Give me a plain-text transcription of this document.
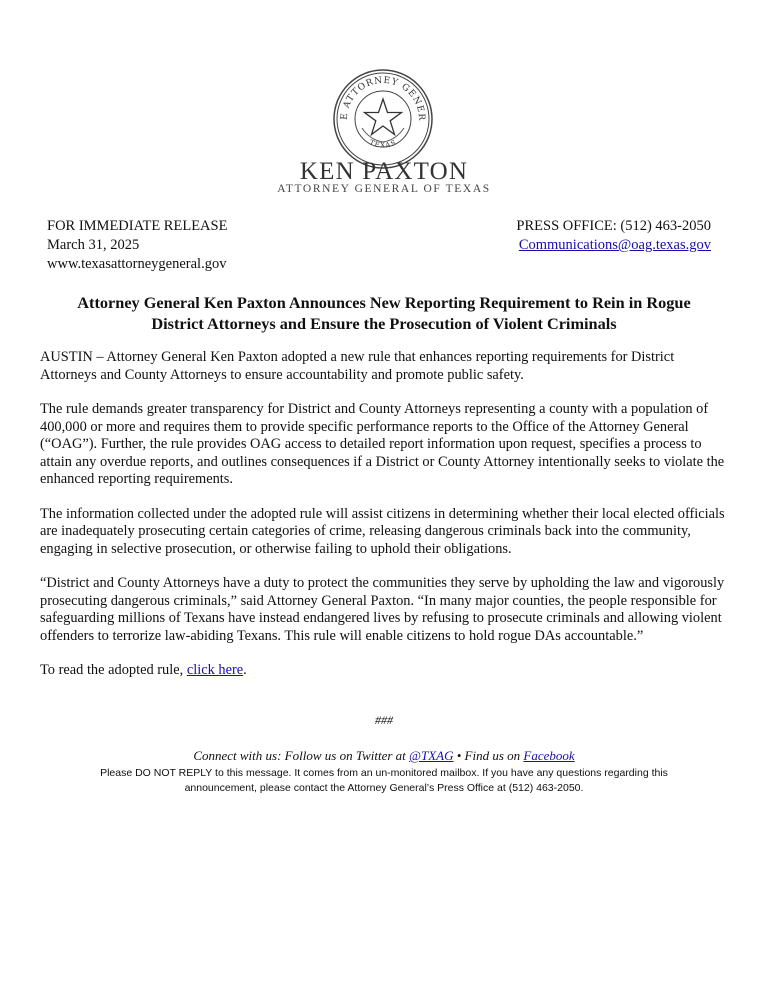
E ATTORNEY GENER
TEXAS
KEN PAXTON
ATTORNEY GENERAL OF TEXAS
FOR IMMEDIATE RELEASE
March 31, 2025
www.texasattorneygeneral.gov
PRESS OFFICE: (512) 463-2050
Communications@oag.texas.gov
Attorney General Ken Paxton Announces New Reporting Requirement to Rein in Rogue
District Attorneys and Ensure the Prosecution of Violent Criminals

AUSTIN – Attorney General Ken Paxton adopted a new rule that enhances reporting requirements for District Attorneys and County Attorneys to ensure accountability and promote public safety.

The rule demands greater transparency for District and County Attorneys representing a county with a population of 400,000 or more and requires them to provide specific performance reports to the Office of the Attorney General (“OAG”). Further, the rule provides OAG access to detailed report information upon request, specifies a process to attain any overdue reports, and outlines consequences if a District or County Attorney intentionally seeks to violate the enhanced reporting requirements.

The information collected under the adopted rule will assist citizens in determining whether their local elected officials are inadequately prosecuting certain categories of crime, releasing dangerous criminals back into the community, engaging in selective prosecution, or otherwise failing to uphold their obligations.

“District and County Attorneys have a duty to protect the communities they serve by upholding the law and vigorously prosecuting dangerous criminals,” said Attorney General Paxton. “In many major counties, the people responsible for safeguarding millions of Texans have instead endangered lives by refusing to prosecute criminals and allowing violent offenders to terrorize law-abiding Texans. This rule will enable citizens to hold rogue DAs accountable.”

To read the adopted rule, click here.

###
Connect with us: Follow us on Twitter at @TXAG • Find us on Facebook
Please DO NOT REPLY to this message. It comes from an un-monitored mailbox. If you have any questions regarding this announcement, please contact the Attorney General’s Press Office at (512) 463-2050.
